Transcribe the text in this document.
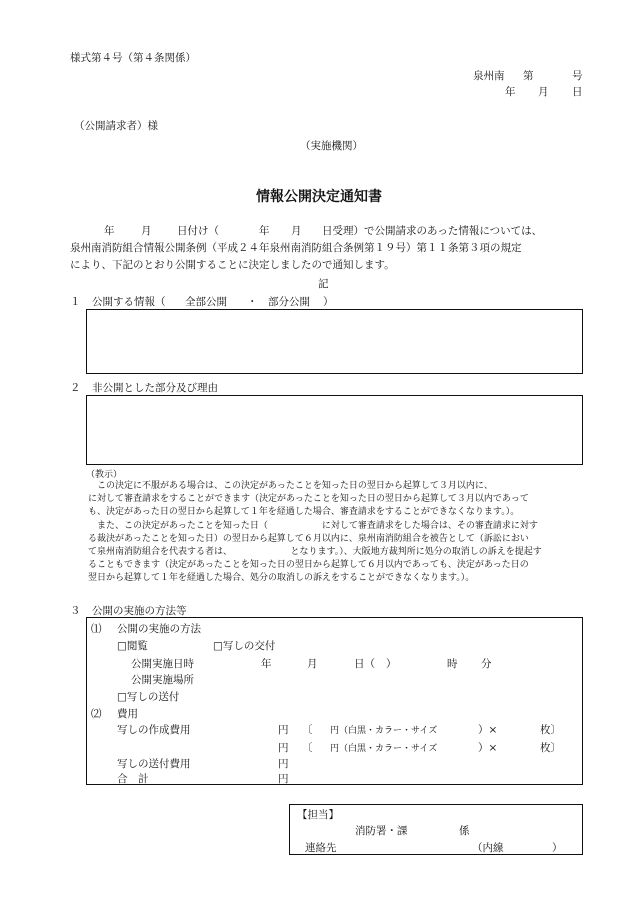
様式第４号（第４条関係）
泉州南 第	号
年 月 日
（公開請求者）様
（実施機関）
情報公開決定通知書
年	月 日付け（	年 月 日受理）で公開請求のあった情報については、
泉州南消防組合情報公開条例（平成２４年泉州南消防組合条例第１９号）第１１条第３項の規定
により、下記のとおり公開することに決定しましたので通知します。
記
１ 公開する情報（ 全部公開 ・ 部分公開 ）
２ 非公開とした部分及び理由
（教示）
　この決定に不服がある場合は、この決定があったことを知った日の翌日から起算して３月以内に、
に対して審査請求をすることができます（決定があったことを知った日の翌日から起算して３月以内であって
も、決定があった日の翌日から起算して１年を経過した場合、審査請求をすることができなくなります。）。
　また、この決定があったことを知った日（　　　　　　に対して審査請求をした場合は、その審査請求に対す
る裁決があったことを知った日）の翌日から起算して６月以内に、泉州南消防組合を被告として（訴訟におい
て泉州南消防組合を代表する者は、　　　　　　　となります。）、大阪地方裁判所に処分の取消しの訴えを提起す
ることもできます（決定があったことを知った日の翌日から起算して６月以内であっても、決定があった日の
翌日から起算して１年を経過した場合、処分の取消しの訴えをすることができなくなります。）。
３ 公開の実施の方法等
⑴ 公開の実施の方法
□閲覧	□写しの交付
公開実施日時	年	月	日（ ）	時 分
公開実施場所
□写しの送付
⑵ 費用
写しの作成費用	円 〔 円（白黒・カラー・サイズ	）×	枚〕
円 〔 円（白黒・カラー・サイズ	）×	枚〕
写しの送付費用	円
合　計	円
【担当】
消防署・課	係
連絡先	（内線	）
